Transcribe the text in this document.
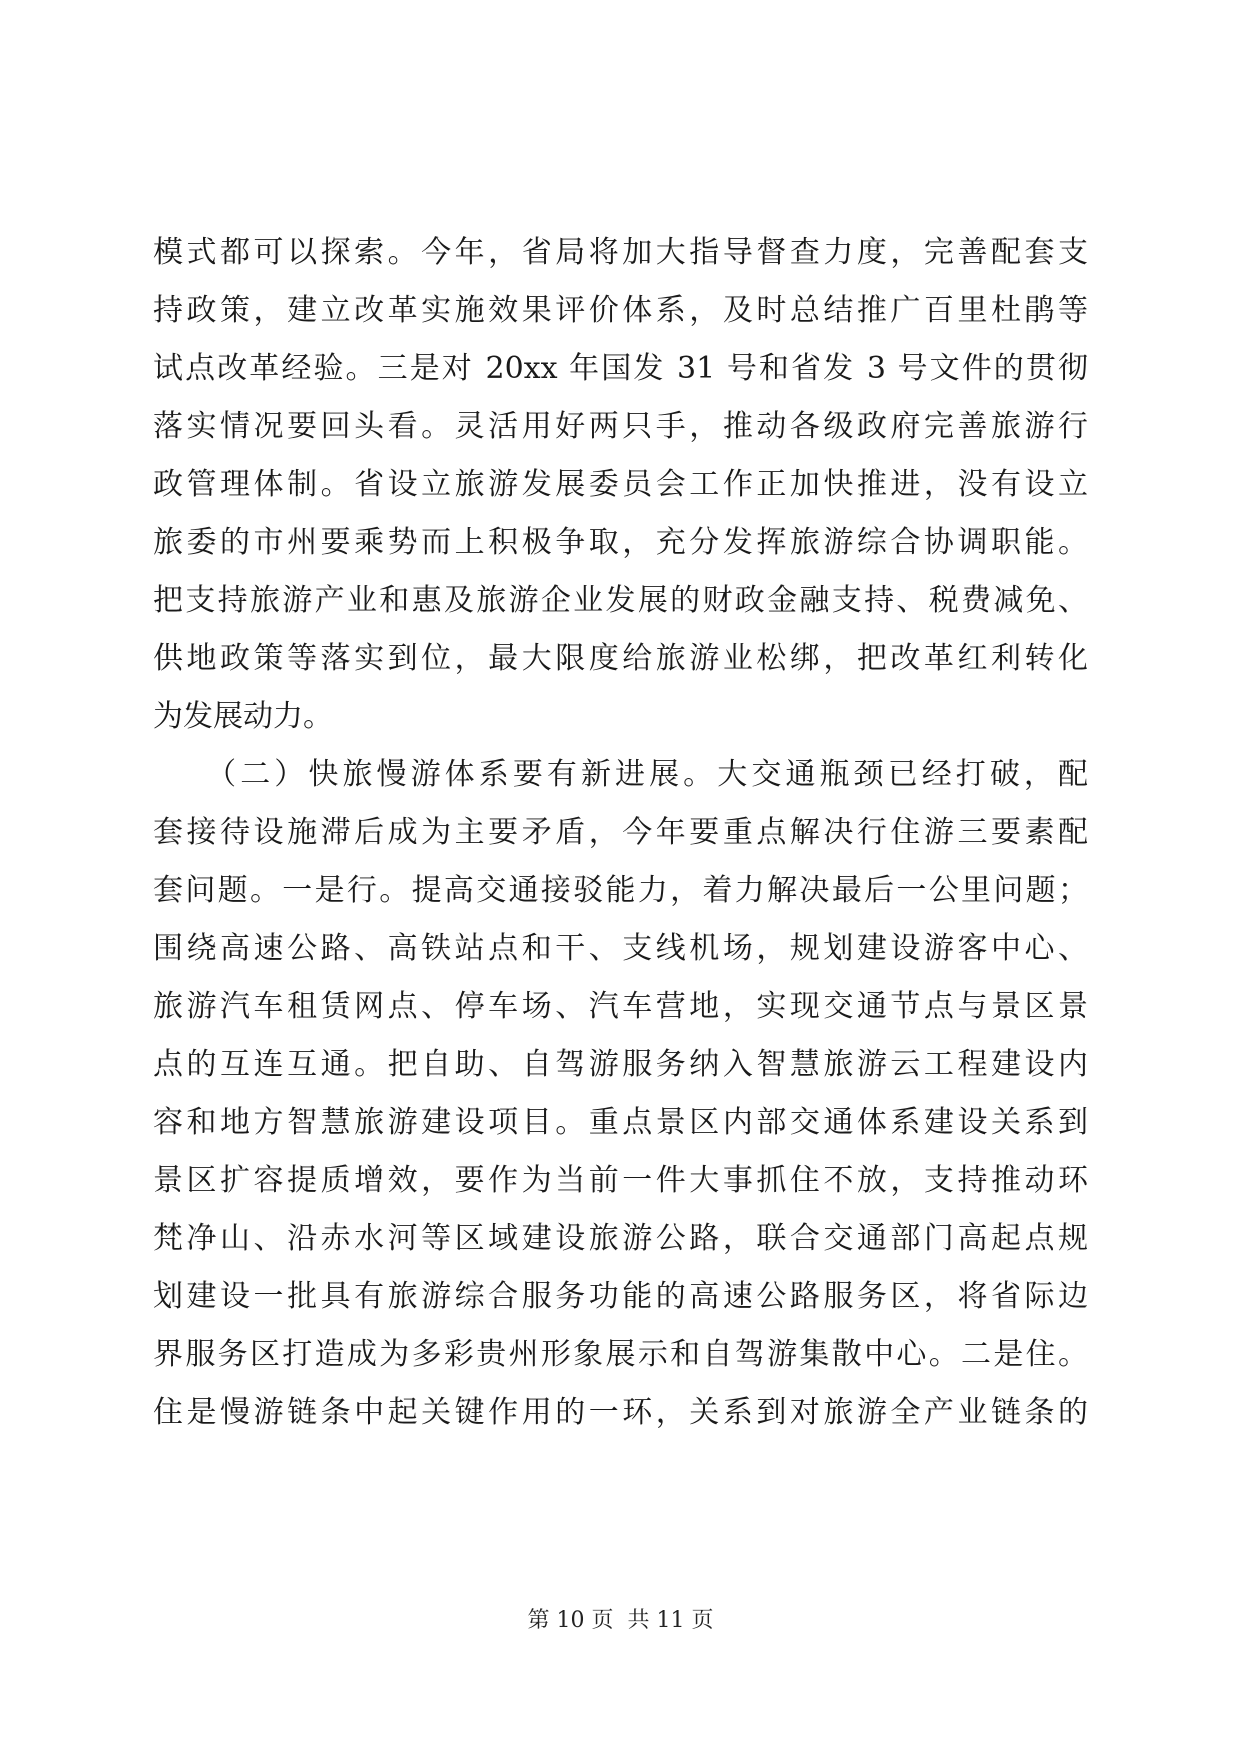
模式都可以探索。今年，省局将加大指导督查力度，完善配套支
持政策，建立改革实施效果评价体系，及时总结推广百里杜鹃等
试点改革经验。三是对 20xx 年国发 31 号和省发 3 号文件的贯彻
落实情况要回头看。灵活用好两只手，推动各级政府完善旅游行
政管理体制。省设立旅游发展委员会工作正加快推进，没有设立
旅委的市州要乘势而上积极争取，充分发挥旅游综合协调职能。
把支持旅游产业和惠及旅游企业发展的财政金融支持、税费减免、
供地政策等落实到位，最大限度给旅游业松绑，把改革红利转化
为发展动力。
　　（二）快旅慢游体系要有新进展。大交通瓶颈已经打破，配
套接待设施滞后成为主要矛盾，今年要重点解决行住游三要素配
套问题。一是行。提高交通接驳能力，着力解决最后一公里问题；
围绕高速公路、高铁站点和干、支线机场，规划建设游客中心、
旅游汽车租赁网点、停车场、汽车营地，实现交通节点与景区景
点的互连互通。把自助、自驾游服务纳入智慧旅游云工程建设内
容和地方智慧旅游建设项目。重点景区内部交通体系建设关系到
景区扩容提质增效，要作为当前一件大事抓住不放，支持推动环
梵净山、沿赤水河等区域建设旅游公路，联合交通部门高起点规
划建设一批具有旅游综合服务功能的高速公路服务区，将省际边
界服务区打造成为多彩贵州形象展示和自驾游集散中心。二是住。
住是慢游链条中起关键作用的一环，关系到对旅游全产业链条的
第 10 页 共 11 页
